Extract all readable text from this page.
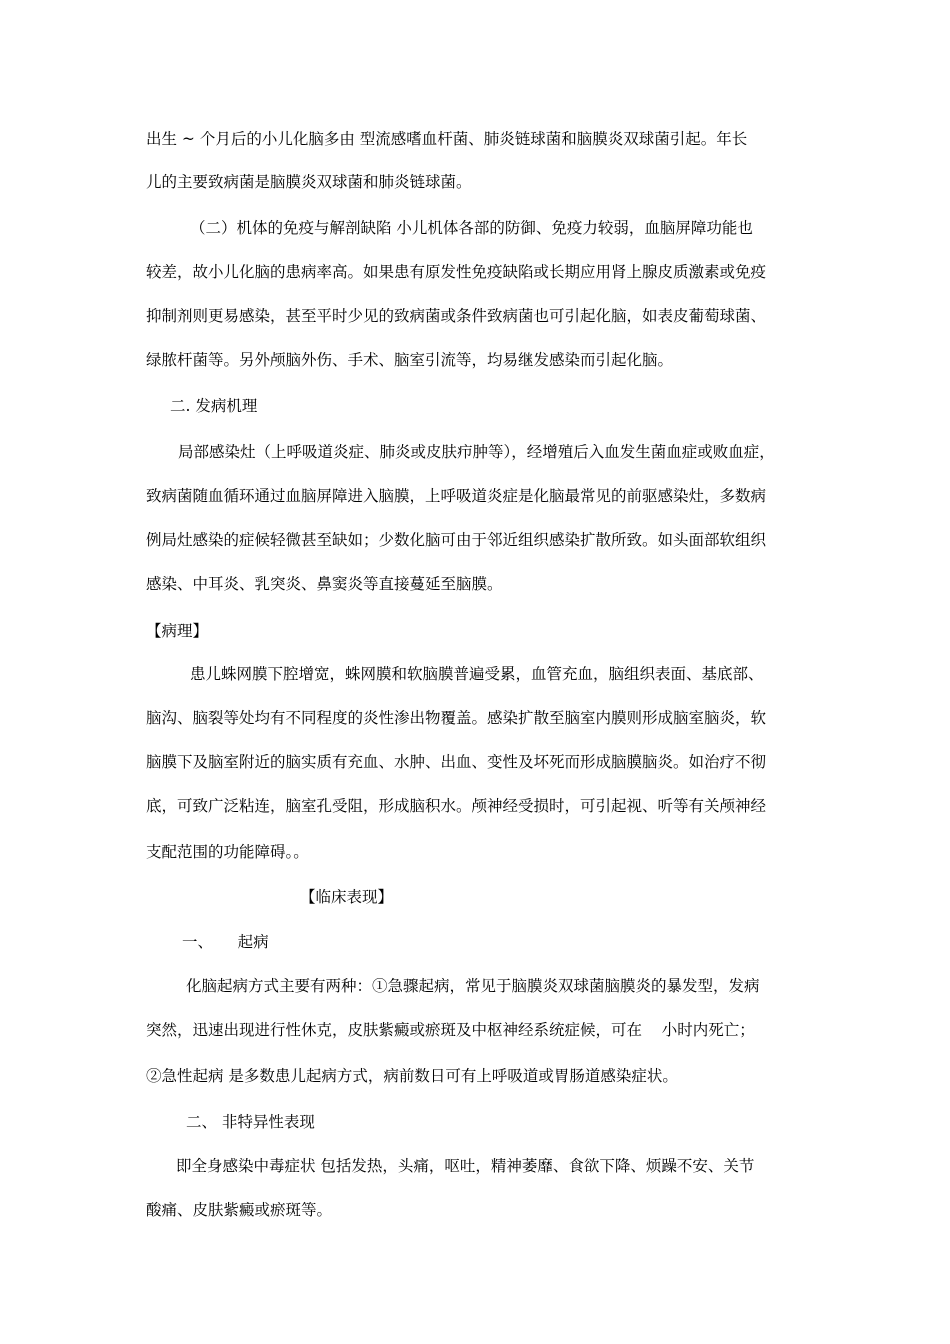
出生 ~ 个月后的小儿化脑多由 型流感嗜血杆菌、肺炎链球菌和脑膜炎双球菌引起。年长
儿的主要致病菌是脑膜炎双球菌和肺炎链球菌。
（二）机体的免疫与解剖缺陷 小儿机体各部的防御、免疫力较弱，血脑屏障功能也
较差，故小儿化脑的患病率高。如果患有原发性免疫缺陷或长期应用肾上腺皮质激素或免疫
抑制剂则更易感染，甚至平时少见的致病菌或条件致病菌也可引起化脑，如表皮葡萄球菌、
绿脓杆菌等。另外颅脑外伤、手术、脑室引流等，均易继发感染而引起化脑。
二. 发病机理
局部感染灶（上呼吸道炎症、肺炎或皮肤疖肿等），经增殖后入血发生菌血症或败血症，
致病菌随血循环通过血脑屏障进入脑膜，上呼吸道炎症是化脑最常见的前驱感染灶，多数病
例局灶感染的症候轻微甚至缺如；少数化脑可由于邻近组织感染扩散所致。如头面部软组织
感染、中耳炎、乳突炎、鼻窦炎等直接蔓延至脑膜。
【病理】
患儿蛛网膜下腔增宽，蛛网膜和软脑膜普遍受累，血管充血，脑组织表面、基底部、
脑沟、脑裂等处均有不同程度的炎性渗出物覆盖。感染扩散至脑室内膜则形成脑室脑炎，软
脑膜下及脑室附近的脑实质有充血、水肿、出血、变性及坏死而形成脑膜脑炎。如治疗不彻
底，可致广泛粘连，脑室孔受阻，形成脑积水。颅神经受损时，可引起视、听等有关颅神经
支配范围的功能障碍。。
【临床表现】
一、     起病
化脑起病方式主要有两种：①急骤起病，常见于脑膜炎双球菌脑膜炎的暴发型，发病
突然，迅速出现进行性休克，皮肤紫癜或瘀斑及中枢神经系统症候，可在    小时内死亡；
②急性起病 是多数患儿起病方式，病前数日可有上呼吸道或胃肠道感染症状。
二、 非特异性表现
即全身感染中毒症状 包括发热，头痛，呕吐，精神萎靡、食欲下降、烦躁不安、关节
酸痛、皮肤紫癜或瘀斑等。
